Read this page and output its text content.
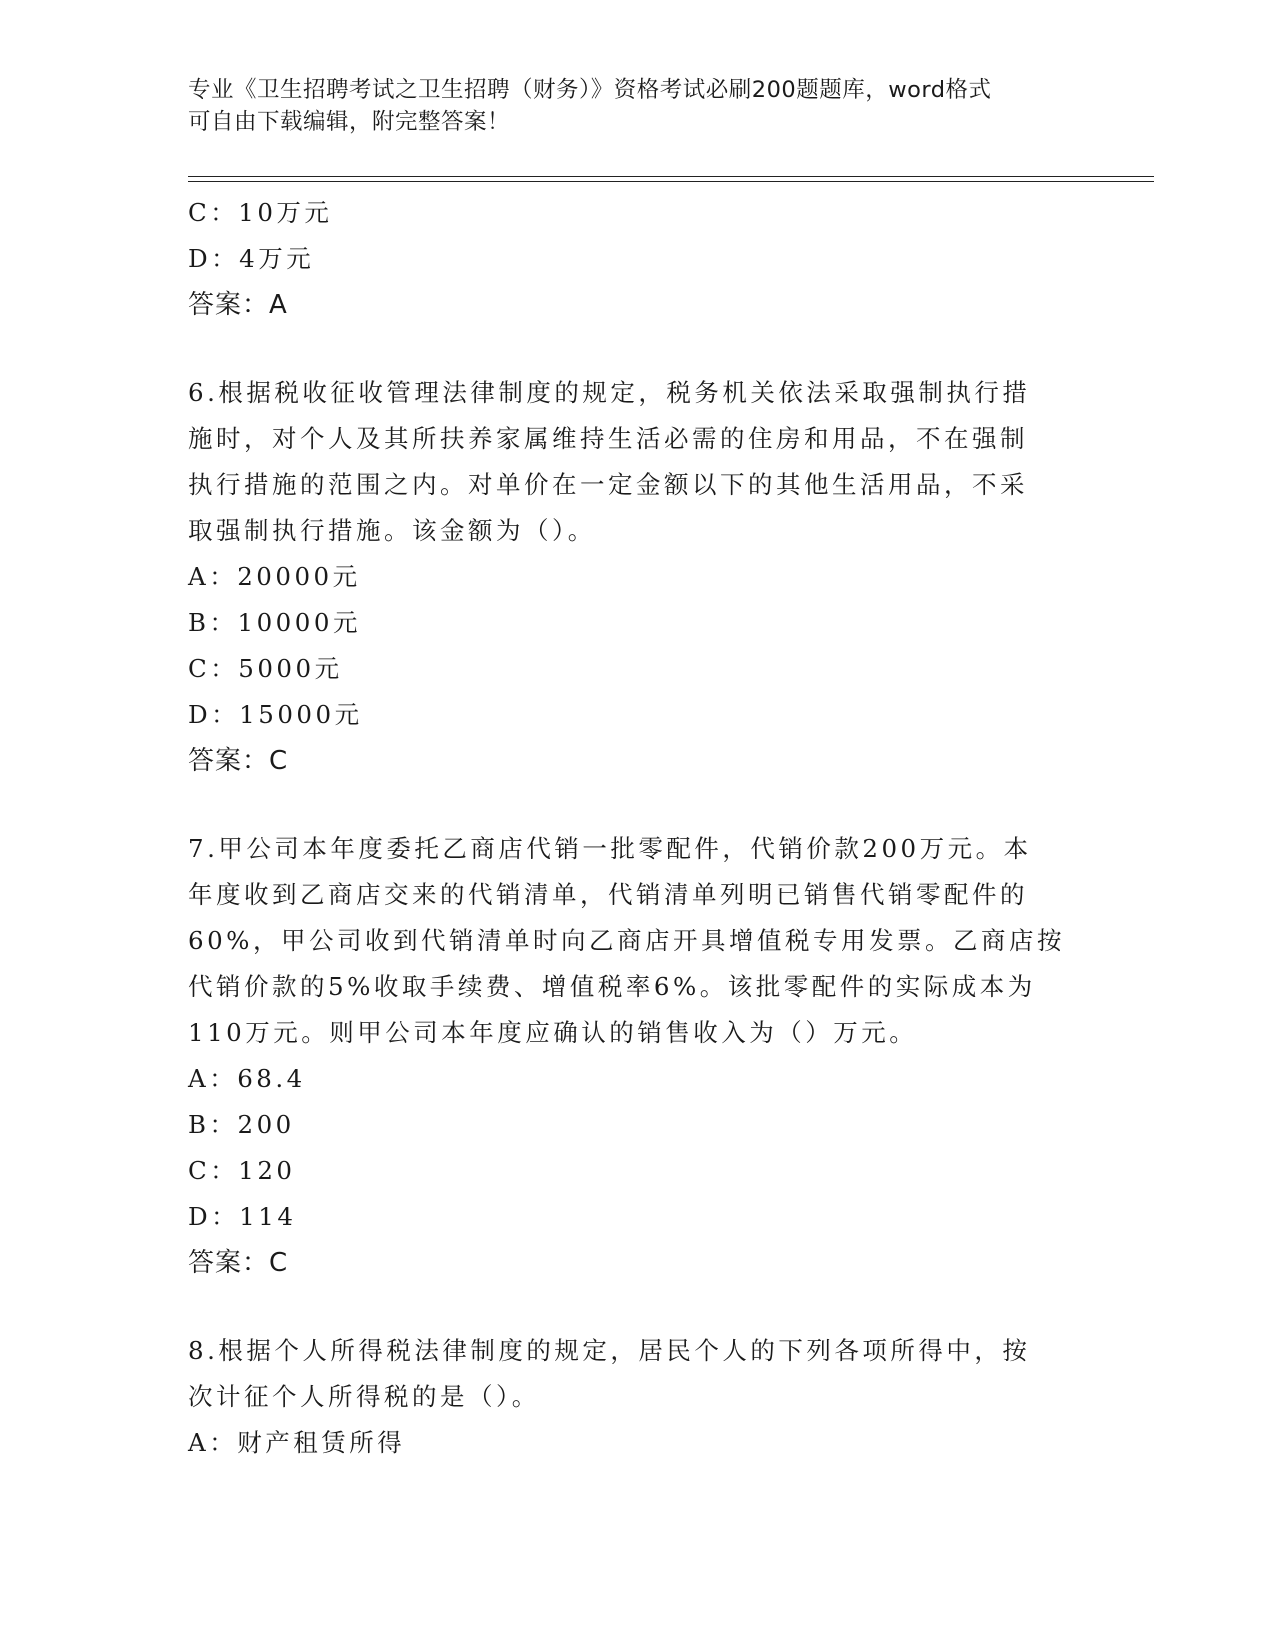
专业《卫生招聘考试之卫生招聘（财务）》资格考试必刷200题题库，word格式
可自由下载编辑，附完整答案！

C：10万元

D：4万元

答案：A

6.根据税收征收管理法律制度的规定，税务机关依法采取强制执行措

施时，对个人及其所扶养家属维持生活必需的住房和用品，不在强制

执行措施的范围之内。对单价在一定金额以下的其他生活用品，不采

取强制执行措施。该金额为（）。

A：20000元

B：10000元

C：5000元

D：15000元

答案：C

7.甲公司本年度委托乙商店代销一批零配件，代销价款200万元。本

年度收到乙商店交来的代销清单，代销清单列明已销售代销零配件的

60%，甲公司收到代销清单时向乙商店开具增值税专用发票。乙商店按

代销价款的5%收取手续费、增值税率6%。该批零配件的实际成本为

110万元。则甲公司本年度应确认的销售收入为（）万元。

A：68.4

B：200

C：120

D：114

答案：C

8.根据个人所得税法律制度的规定，居民个人的下列各项所得中，按

次计征个人所得税的是（）。

A：财产租赁所得
